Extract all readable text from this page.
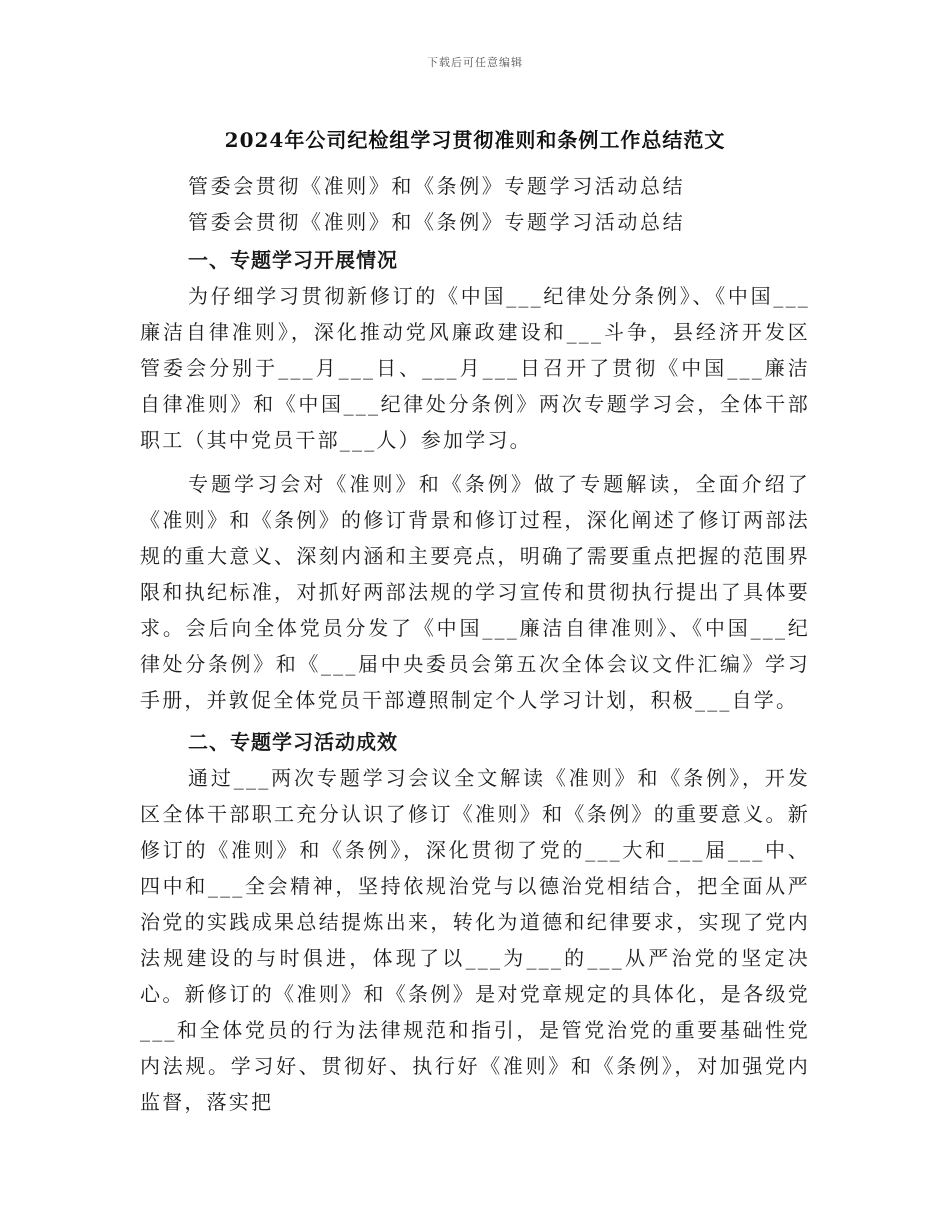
下载后可任意编辑
2024年公司纪检组学习贯彻准则和条例工作总结范文
管委会贯彻《准则》和《条例》专题学习活动总结
管委会贯彻《准则》和《条例》专题学习活动总结
一、专题学习开展情况

为仔细学习贯彻新修订的《中国___纪律处分条例》、《中国___廉洁自律准则》，深化推动党风廉政建设和___斗争，县经济开发区管委会分别于___月___日、___月___日召开了贯彻《中国___廉洁自律准则》和《中国___纪律处分条例》两次专题学习会，全体干部职工（其中党员干部___人）参加学习。

专题学习会对《准则》和《条例》做了专题解读，全面介绍了《准则》和《条例》的修订背景和修订过程，深化阐述了修订两部法规的重大意义、深刻内涵和主要亮点，明确了需要重点把握的范围界限和执纪标准，对抓好两部法规的学习宣传和贯彻执行提出了具体要求。会后向全体党员分发了《中国___廉洁自律准则》、《中国___纪律处分条例》和《___届中央委员会第五次全体会议文件汇编》学习手册，并敦促全体党员干部遵照制定个人学习计划，积极___自学。

二、专题学习活动成效

通过___两次专题学习会议全文解读《准则》和《条例》，开发区全体干部职工充分认识了修订《准则》和《条例》的重要意义。新修订的《准则》和《条例》，深化贯彻了党的___大和___届___中、四中和___全会精神，坚持依规治党与以德治党相结合，把全面从严治党的实践成果总结提炼出来，转化为道德和纪律要求，实现了党内法规建设的与时俱进，体现了以___为___的___从严治党的坚定决心。新修订的《准则》和《条例》是对党章规定的具体化，是各级党___和全体党员的行为法律规范和指引，是管党治党的重要基础性党内法规。学习好、贯彻好、执行好《准则》和《条例》，对加强党内监督，落实把
